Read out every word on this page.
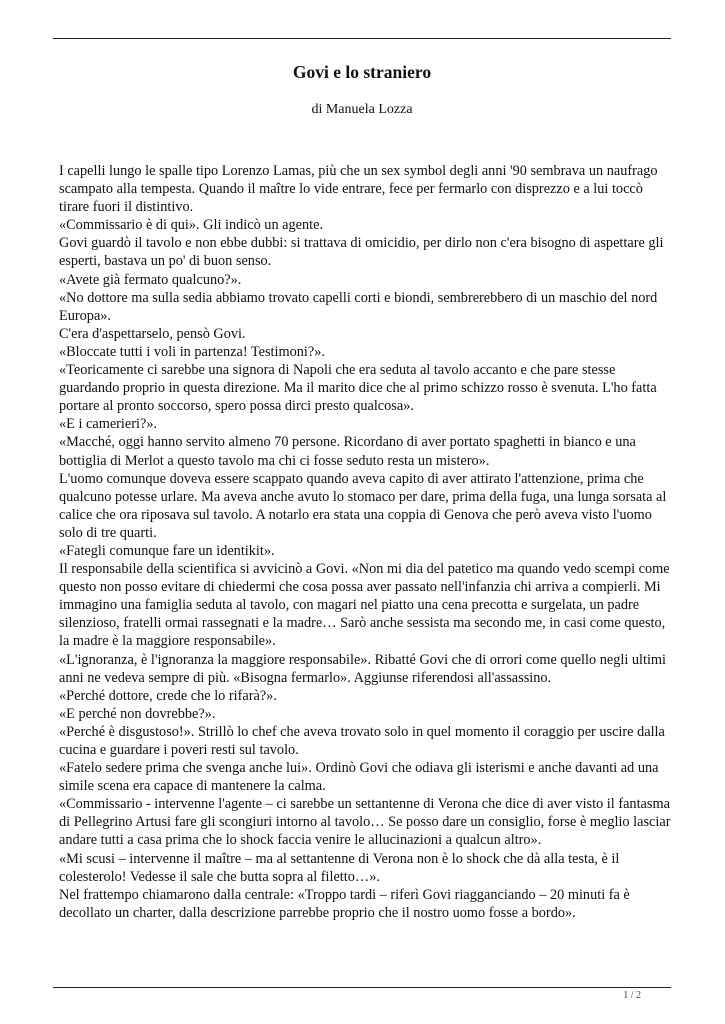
Govi e lo straniero
di Manuela Lozza

I capelli lungo le spalle tipo Lorenzo Lamas, più che un sex symbol degli anni '90 sembrava un naufrago scampato alla tempesta. Quando il maître lo vide entrare, fece per fermarlo con disprezzo e a lui toccò tirare fuori il distintivo.

«Commissario è di qui». Gli indicò un agente.

Govi guardò il tavolo e non ebbe dubbi: si trattava di omicidio, per dirlo non c'era bisogno di aspettare gli esperti, bastava un po' di buon senso.

«Avete già fermato qualcuno?».

«No dottore ma sulla sedia abbiamo trovato capelli corti e biondi, sembrerebbero di un maschio del nord Europa».

C'era d'aspettarselo, pensò Govi.

«Bloccate tutti i voli in partenza! Testimoni?».

«Teoricamente ci sarebbe una signora di Napoli che era seduta al tavolo accanto e che pare stesse guardando proprio in questa direzione. Ma il marito dice che al primo schizzo rosso è svenuta. L'ho fatta portare al pronto soccorso, spero possa dirci presto qualcosa».

«E i camerieri?».

«Macché, oggi hanno servito almeno 70 persone. Ricordano di aver portato spaghetti in bianco e una bottiglia di Merlot a questo tavolo ma chi ci fosse seduto resta un mistero».

L'uomo comunque doveva essere scappato quando aveva capito di aver attirato l'attenzione, prima che qualcuno potesse urlare. Ma aveva anche avuto lo stomaco per dare, prima della fuga, una lunga sorsata al calice che ora riposava sul tavolo. A notarlo era stata una coppia di Genova che però aveva visto l'uomo solo di tre quarti.

«Fategli comunque fare un identikit».

Il responsabile della scientifica si avvicinò a Govi. «Non mi dia del patetico ma quando vedo scempi come questo non posso evitare di chiedermi che cosa possa aver passato nell'infanzia chi arriva a compierli. Mi immagino una famiglia seduta al tavolo, con magari nel piatto una cena precotta e surgelata, un padre silenzioso, fratelli ormai rassegnati e la madre… Sarò anche sessista ma secondo me, in casi come questo, la madre è la maggiore responsabile».

«L'ignoranza, è l'ignoranza la maggiore responsabile». Ribatté Govi che di orrori come quello negli ultimi anni ne vedeva sempre di più. «Bisogna fermarlo». Aggiunse riferendosi all'assassino.

«Perché dottore, crede che lo rifarà?».

«E perché non dovrebbe?».

«Perché è disgustoso!». Strillò lo chef che aveva trovato solo in quel momento il coraggio per uscire dalla cucina e guardare i poveri resti sul tavolo.

«Fatelo sedere prima che svenga anche lui». Ordinò Govi che odiava gli isterismi e anche davanti ad una simile scena era capace di mantenere la calma.

«Commissario - intervenne l'agente – ci sarebbe un settantenne di Verona che dice di aver visto il fantasma di Pellegrino Artusi fare gli scongiuri intorno al tavolo… Se posso dare un consiglio, forse è meglio lasciar andare tutti a casa prima che lo shock faccia venire le allucinazioni a qualcun altro».

«Mi scusi – intervenne il maître – ma al settantenne di Verona non è lo shock che dà alla testa, è il colesterolo! Vedesse il sale che butta sopra al filetto…».

Nel frattempo chiamarono dalla centrale: «Troppo tardi – riferì Govi riagganciando – 20 minuti fa è decollato un charter, dalla descrizione parrebbe proprio che il nostro uomo fosse a bordo».

1 / 2
